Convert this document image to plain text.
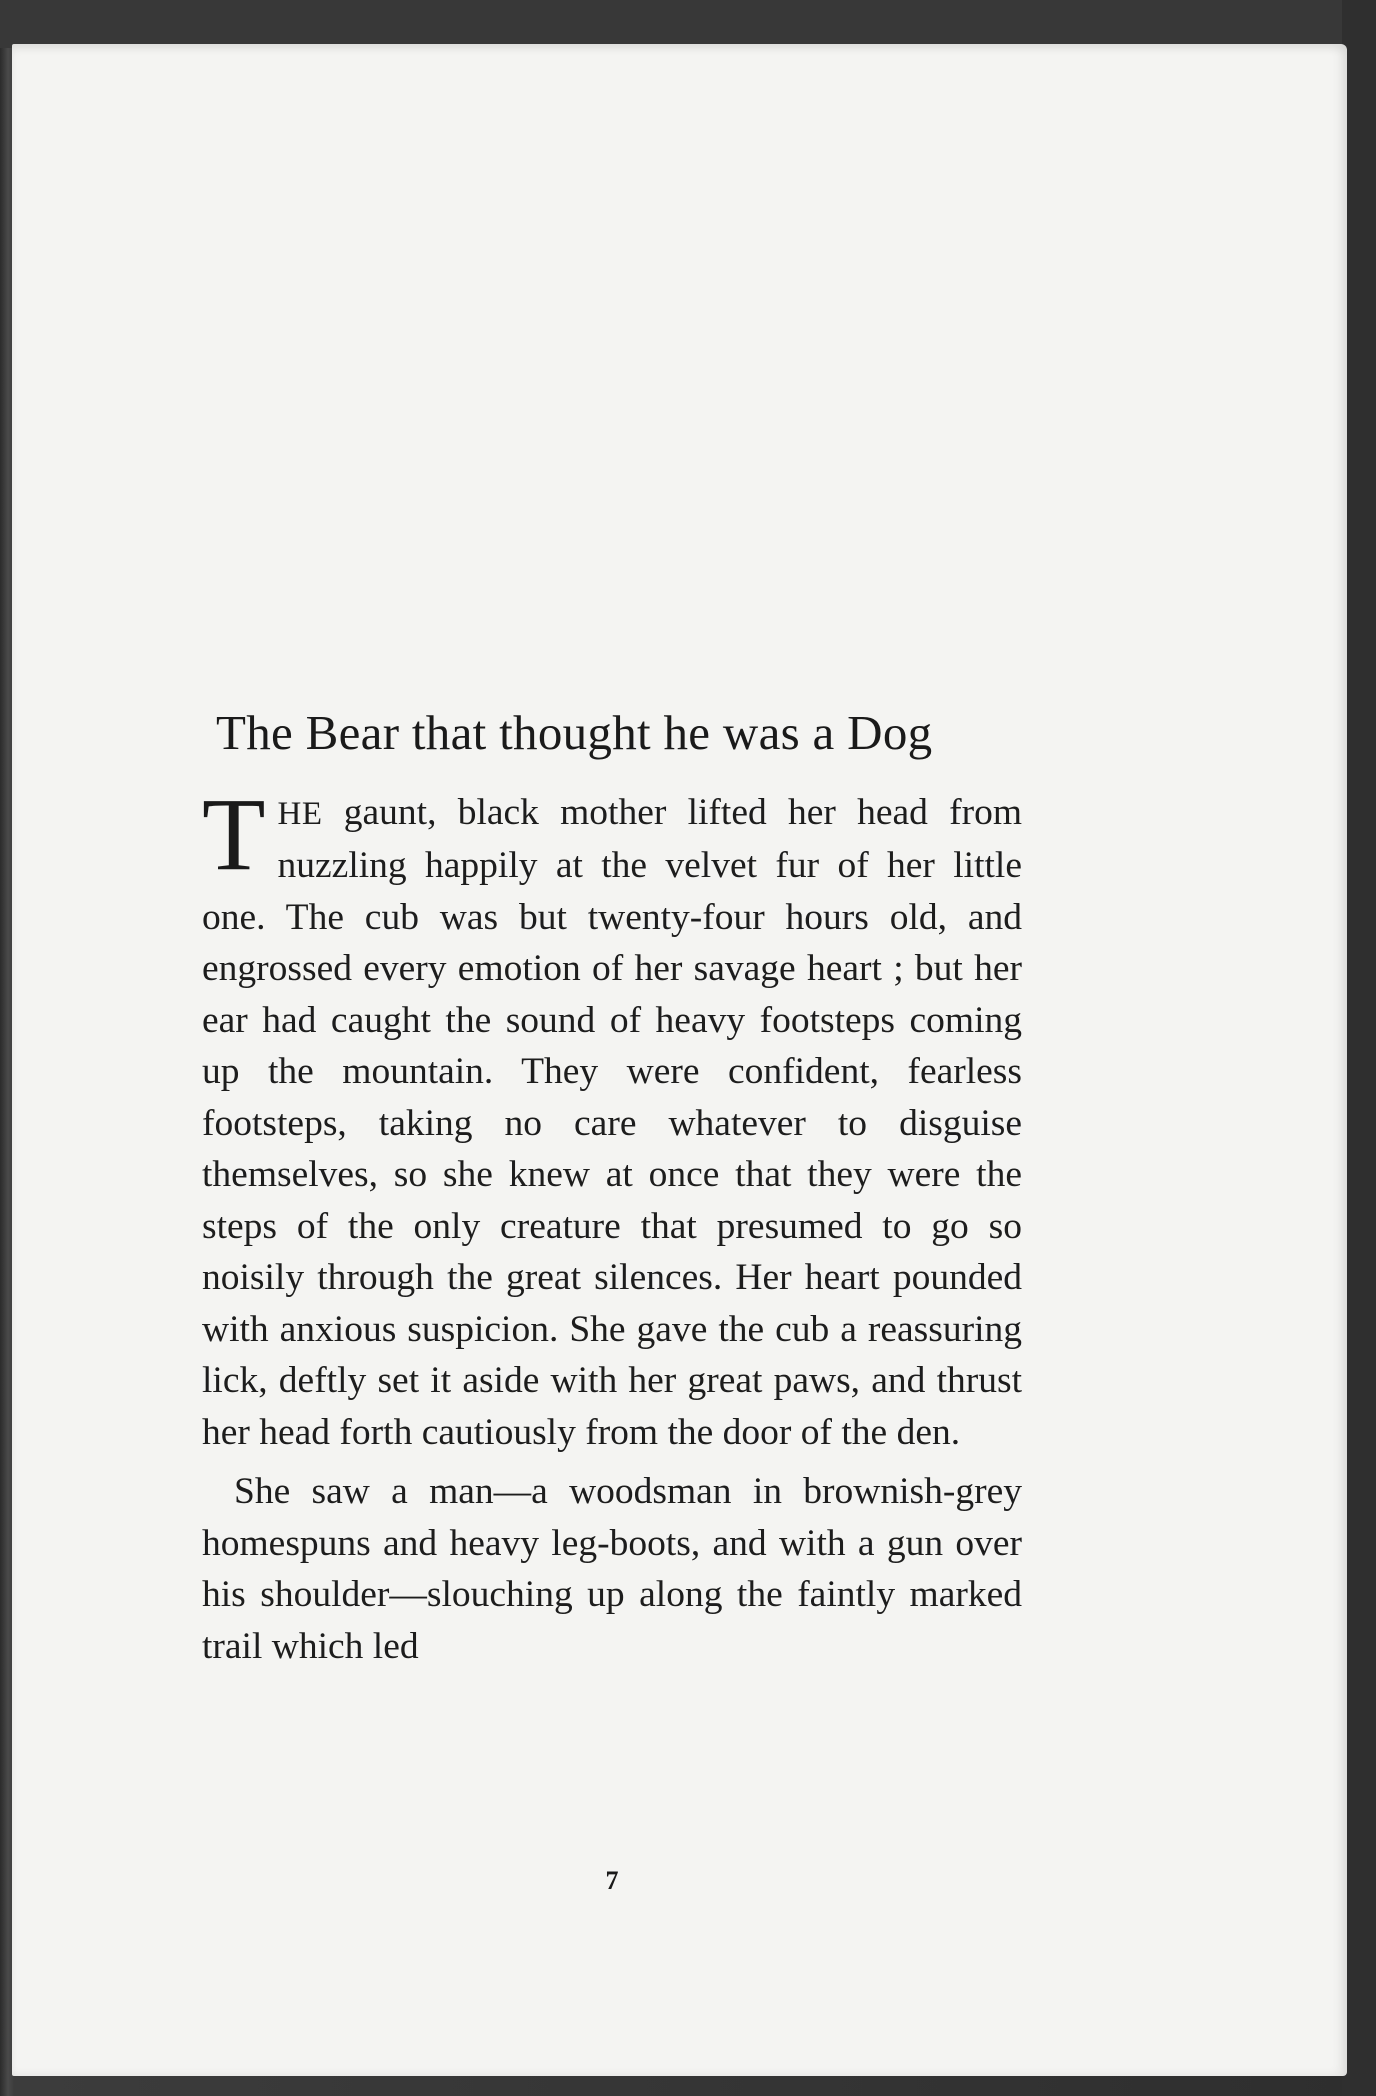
The Bear that thought he was a Dog

THE gaunt, black mother lifted her head from nuzzling happily at the velvet fur of her little one. The cub was but twenty-four hours old, and engrossed every emotion of her savage heart ; but her ear had caught the sound of heavy footsteps coming up the mountain. They were confident, fearless footsteps, taking no care whatever to disguise themselves, so she knew at once that they were the steps of the only creature that presumed to go so noisily through the great silences. Her heart pounded with anxious suspicion. She gave the cub a reassuring lick, deftly set it aside with her great paws, and thrust her head forth cautiously from the door of the den.

She saw a man—a woodsman in brownish-grey homespuns and heavy leg-boots, and with a gun over his shoulder—slouching up along the faintly marked trail which led

7
